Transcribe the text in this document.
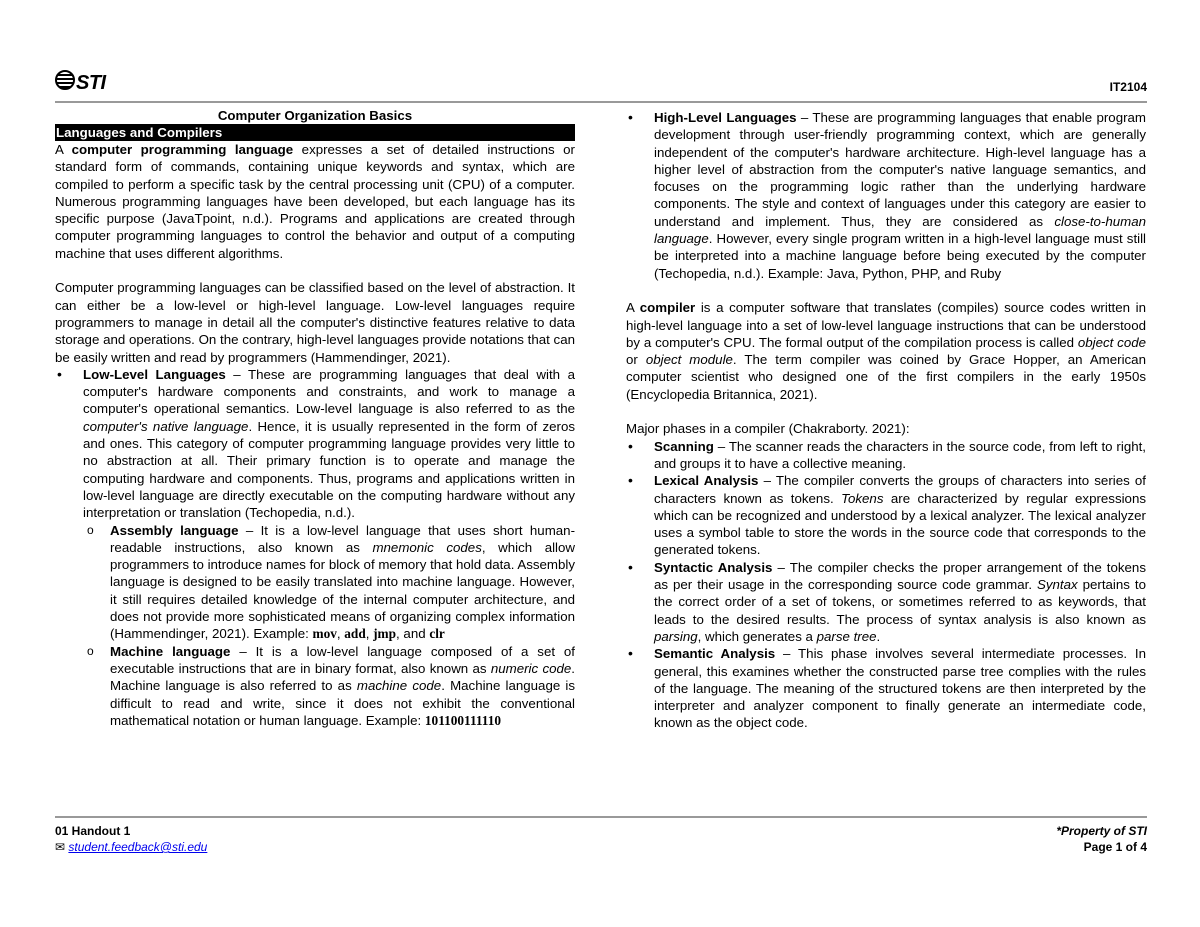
STI	IT2104
Computer Organization Basics
Languages and Compilers

A computer programming language expresses a set of detailed instructions or standard form of commands, containing unique keywords and syntax, which are compiled to perform a specific task by the central processing unit (CPU) of a computer. Numerous programming languages have been developed, but each language has its specific purpose (JavaTpoint, n.d.). Programs and applications are created through computer programming languages to control the behavior and output of a computing machine that uses different algorithms.

Computer programming languages can be classified based on the level of abstraction. It can either be a low-level or high-level language. Low-level languages require programmers to manage in detail all the computer's distinctive features relative to data storage and operations. On the contrary, high-level languages provide notations that can be easily written and read by programmers (Hammendinger, 2021).

• Low-Level Languages – These are programming languages that deal with a computer's hardware components and constraints, and work to manage a computer's operational semantics. Low-level language is also referred to as the computer's native language. Hence, it is usually represented in the form of zeros and ones. This category of computer programming language provides very little to no abstraction at all. Their primary function is to operate and manage the computing hardware and components. Thus, programs and applications written in low-level language are directly executable on the computing hardware without any interpretation or translation (Techopedia, n.d.).
o Assembly language – It is a low-level language that uses short human-readable instructions, also known as mnemonic codes, which allow programmers to introduce names for block of memory that hold data. Assembly language is designed to be easily translated into machine language. However, it still requires detailed knowledge of the internal computer architecture, and does not provide more sophisticated means of organizing complex information (Hammendinger, 2021). Example: mov, add, jmp, and clr
o Machine language – It is a low-level language composed of a set of executable instructions that are in binary format, also known as numeric code. Machine language is also referred to as machine code. Machine language is difficult to read and write, since it does not exhibit the conventional mathematical notation or human language. Example: 101100111110
• High-Level Languages – These are programming languages that enable program development through user-friendly programming context, which are generally independent of the computer's hardware architecture. High-level language has a higher level of abstraction from the computer's native language semantics, and focuses on the programming logic rather than the underlying hardware components. The style and context of languages under this category are easier to understand and implement. Thus, they are considered as close-to-human language. However, every single program written in a high-level language must still be interpreted into a machine language before being executed by the computer (Techopedia, n.d.). Example: Java, Python, PHP, and Ruby

A compiler is a computer software that translates (compiles) source codes written in high-level language into a set of low-level language instructions that can be understood by a computer's CPU. The formal output of the compilation process is called object code or object module. The term compiler was coined by Grace Hopper, an American computer scientist who designed one of the first compilers in the early 1950s (Encyclopedia Britannica, 2021).

Major phases in a compiler (Chakraborty. 2021):

• Scanning – The scanner reads the characters in the source code, from left to right, and groups it to have a collective meaning.
• Lexical Analysis – The compiler converts the groups of characters into series of characters known as tokens. Tokens are characterized by regular expressions which can be recognized and understood by a lexical analyzer. The lexical analyzer uses a symbol table to store the words in the source code that corresponds to the generated tokens.
• Syntactic Analysis – The compiler checks the proper arrangement of the tokens as per their usage in the corresponding source code grammar. Syntax pertains to the correct order of a set of tokens, or sometimes referred to as keywords, that leads to the desired results. The process of syntax analysis is also known as parsing, which generates a parse tree.
• Semantic Analysis – This phase involves several intermediate processes. In general, this examines whether the constructed parse tree complies with the rules of the language. The meaning of the structured tokens are then interpreted by the interpreter and analyzer component to finally generate an intermediate code, known as the object code.
01 Handout 1
✉ student.feedback@sti.edu
*Property of STI
Page 1 of 4
